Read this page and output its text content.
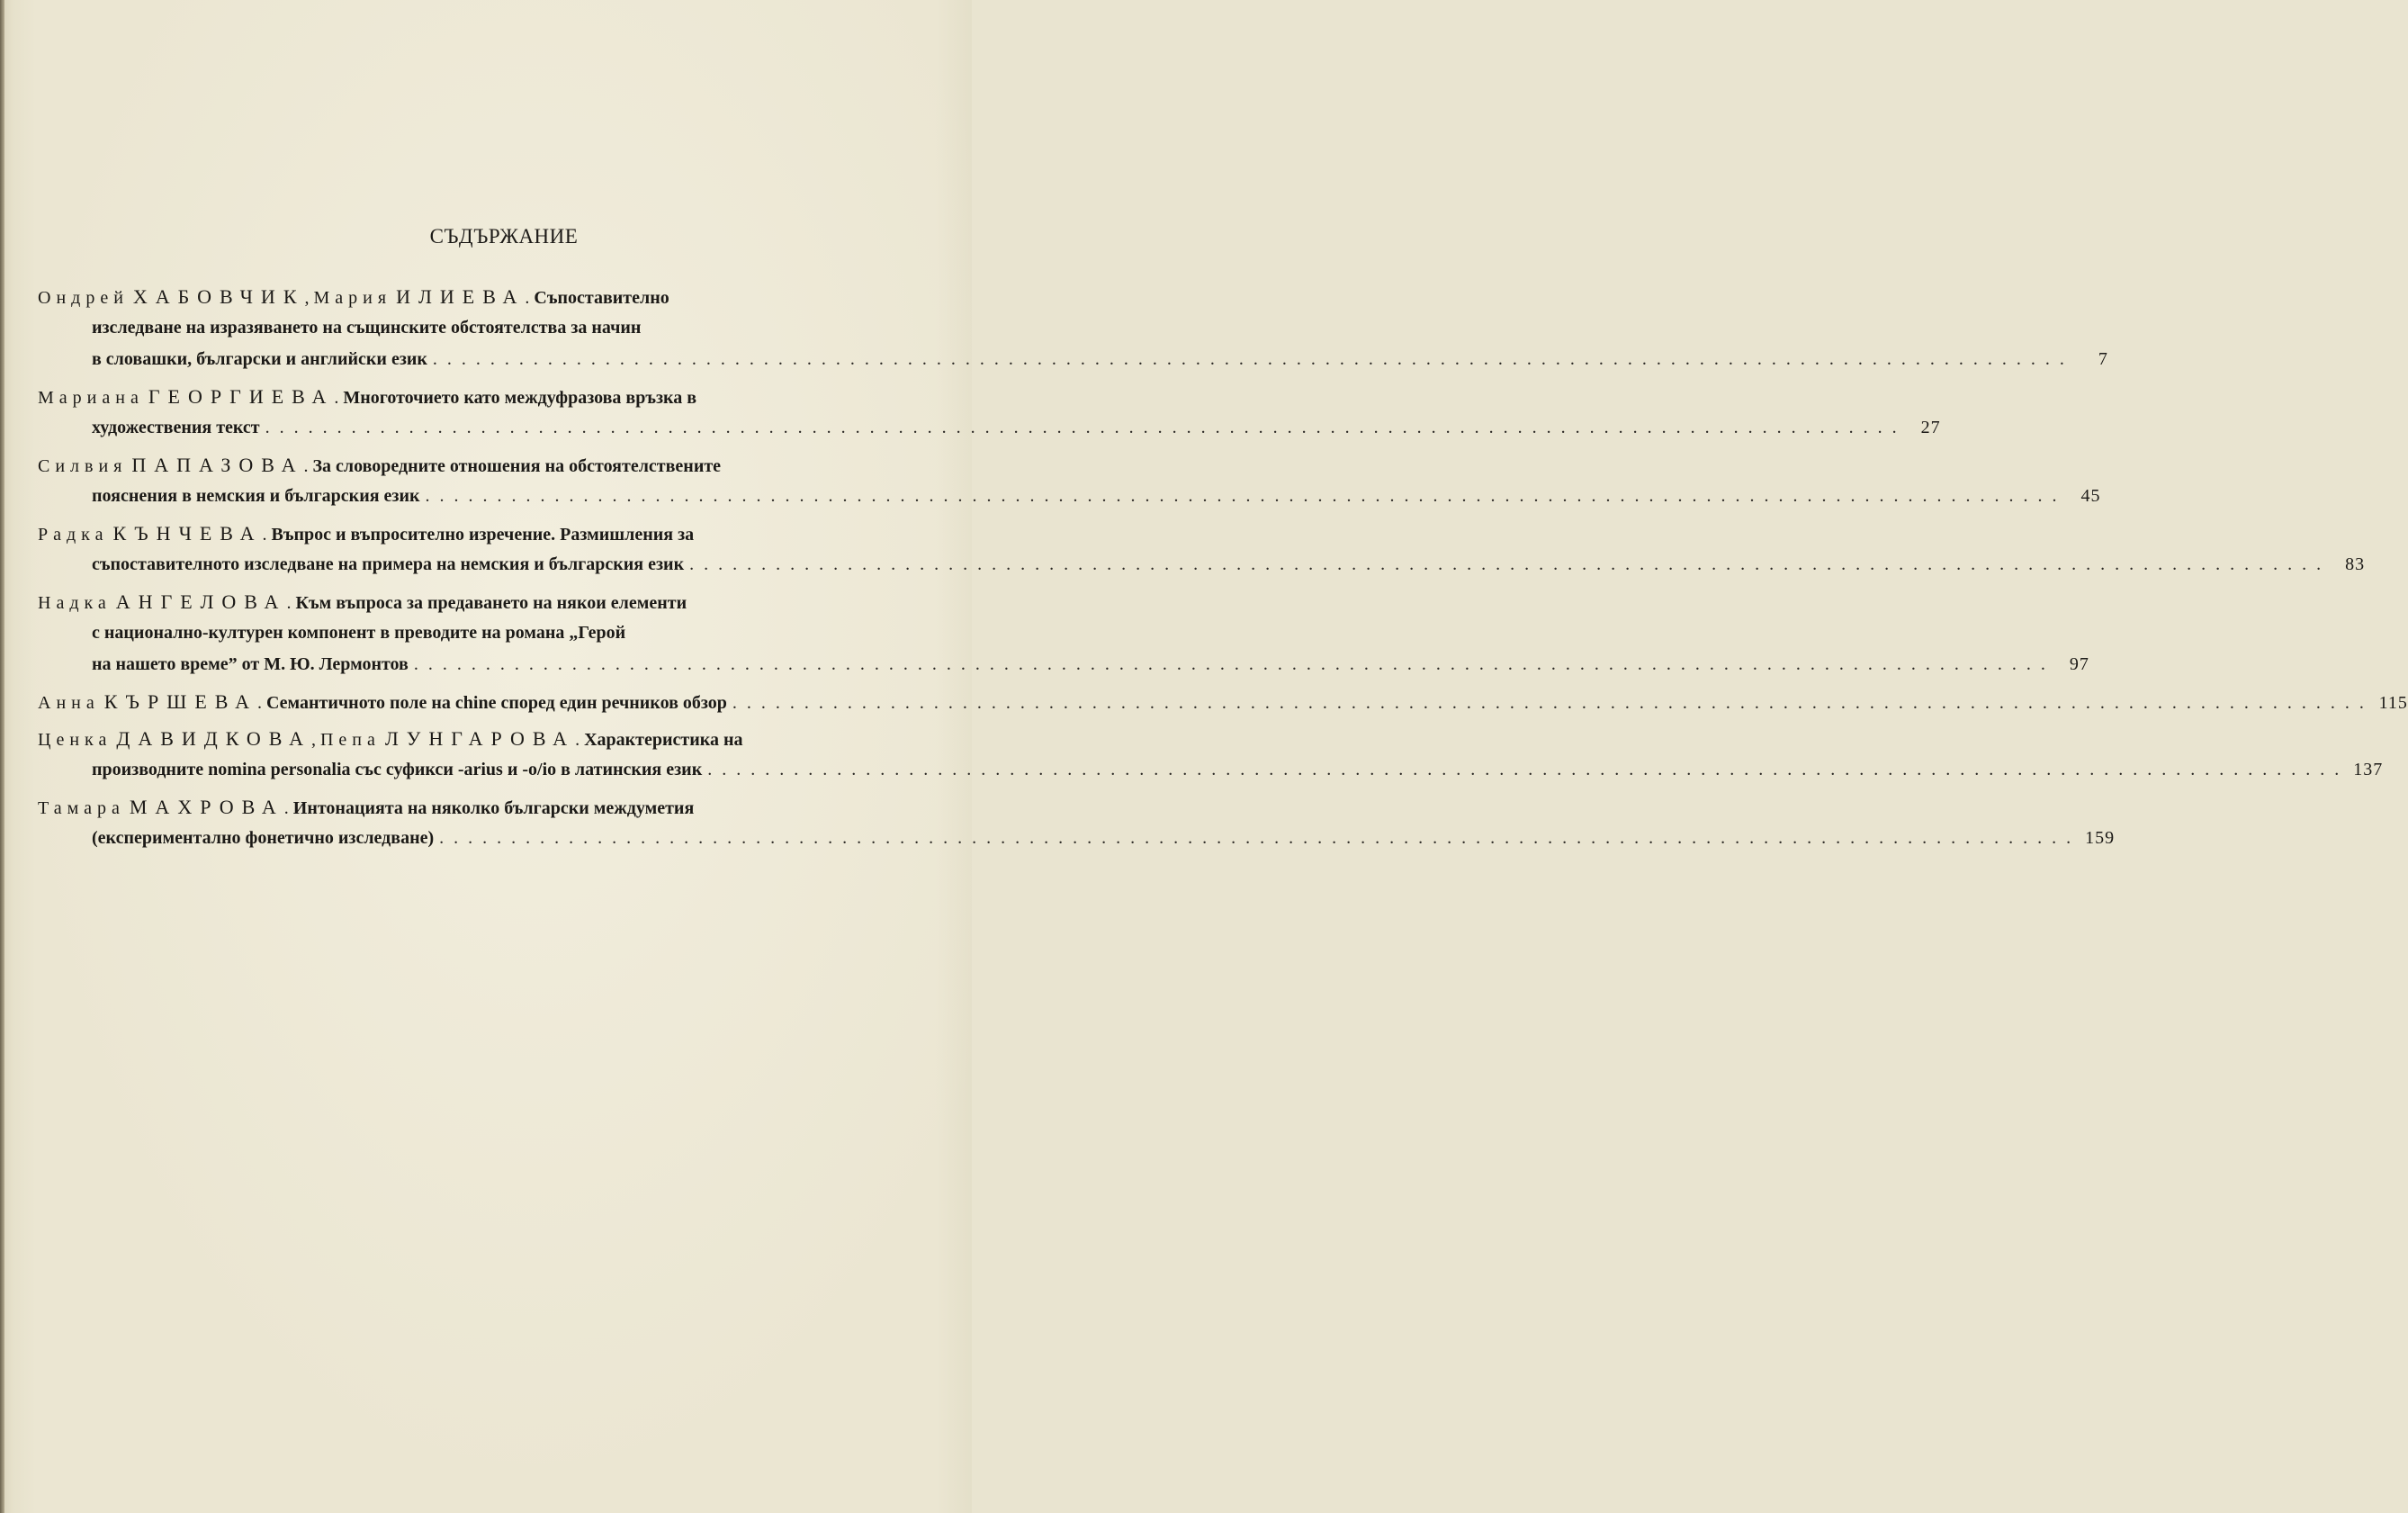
СЪДЪРЖАНИЕ
Ондрей ХАБОВЧИК, Мария ИЛИЕВА. Съпоставително
изследване на изразяването на същинските обстоятелства за начин
в словашки, български и английски език . . . . . . . . . . . . . . . . . . . . . . . . . . . . . . . . . . . . . . . . . . . . . . . . . . . . . . . . . . . . . . . . . . . . . . . . . . . . . . . . . . . . . . . . . . . . . . . . . . . . . . . . . . . . . . . . . .	7
Мариана ГЕОРГИЕВА. Многоточието като междуфразова връзка в
художествения текст . . . . . . . . . . . . . . . . . . . . . . . . . . . . . . . . . . . . . . . . . . . . . . . . . . . . . . . . . . . . . . . . . . . . . . . . . . . . . . . . . . . . . . . . . . . . . . . . . . . . . . . . . . . . . . . . . .	27
Силвия ПАПАЗОВА. За словоредните отношения на обстоятелствените
пояснения в немския и българския език . . . . . . . . . . . . . . . . . . . . . . . . . . . . . . . . . . . . . . . . . . . . . . . . . . . . . . . . . . . . . . . . . . . . . . . . . . . . . . . . . . . . . . . . . . . . . . . . . . . . . . . . . . . . . . . . . .	45
Радка КЪНЧЕВА. Въпрос и въпросително изречение. Размишления за
съпоставителното изследване на примера на немския и българския език . . . . . . . . . . . . . . . . . . . . . . . . . . . . . . . . . . . . . . . . . . . . . . . . . . . . . . . . . . . . . . . . . . . . . . . . . . . . . . . . . . . . . . . . . . . . . . . . . . . . . . . . . . . . . . . . . .	83
Надка АНГЕЛОВА. Към въпроса за предаването на някои елементи
с национално-културен компонент в преводите на романа „Герой
на нашето време” от М. Ю. Лермонтов . . . . . . . . . . . . . . . . . . . . . . . . . . . . . . . . . . . . . . . . . . . . . . . . . . . . . . . . . . . . . . . . . . . . . . . . . . . . . . . . . . . . . . . . . . . . . . . . . . . . . . . . . . . . . . . . . .	97
Анна КЪРШЕВА. Семантичното поле на chine според един речников обзор . . . . . . . . . . . . . . . . . . . . . . . . . . . . . . . . . . . . . . . . . . . . . . . . . . . . . . . . . . . . . . . . . . . . . . . . . . . . . . . . . . . . . . . . . . . . . . . . . . . . . . . . . . . . . . . . . . 115
Ценка ДАВИДКОВА, Пепа ЛУНГАРОВА. Характеристика на
производните nomina personalia със суфикси -arius и -o/io в латинския език . . . . . . . . . . . . . . . . . . . . . . . . . . . . . . . . . . . . . . . . . . . . . . . . . . . . . . . . . . . . . . . . . . . . . . . . . . . . . . . . . . . . . . . . . . . . . . . . . . . . . . . . . . . . . . . . . . 137
Тамара МАХРОВА. Интонацията на няколко български междуметия
(експериментално фонетично изследване) . . . . . . . . . . . . . . . . . . . . . . . . . . . . . . . . . . . . . . . . . . . . . . . . . . . . . . . . . . . . . . . . . . . . . . . . . . . . . . . . . . . . . . . . . . . . . . . . . . . . . . . . . . . . . . . . . . 159
